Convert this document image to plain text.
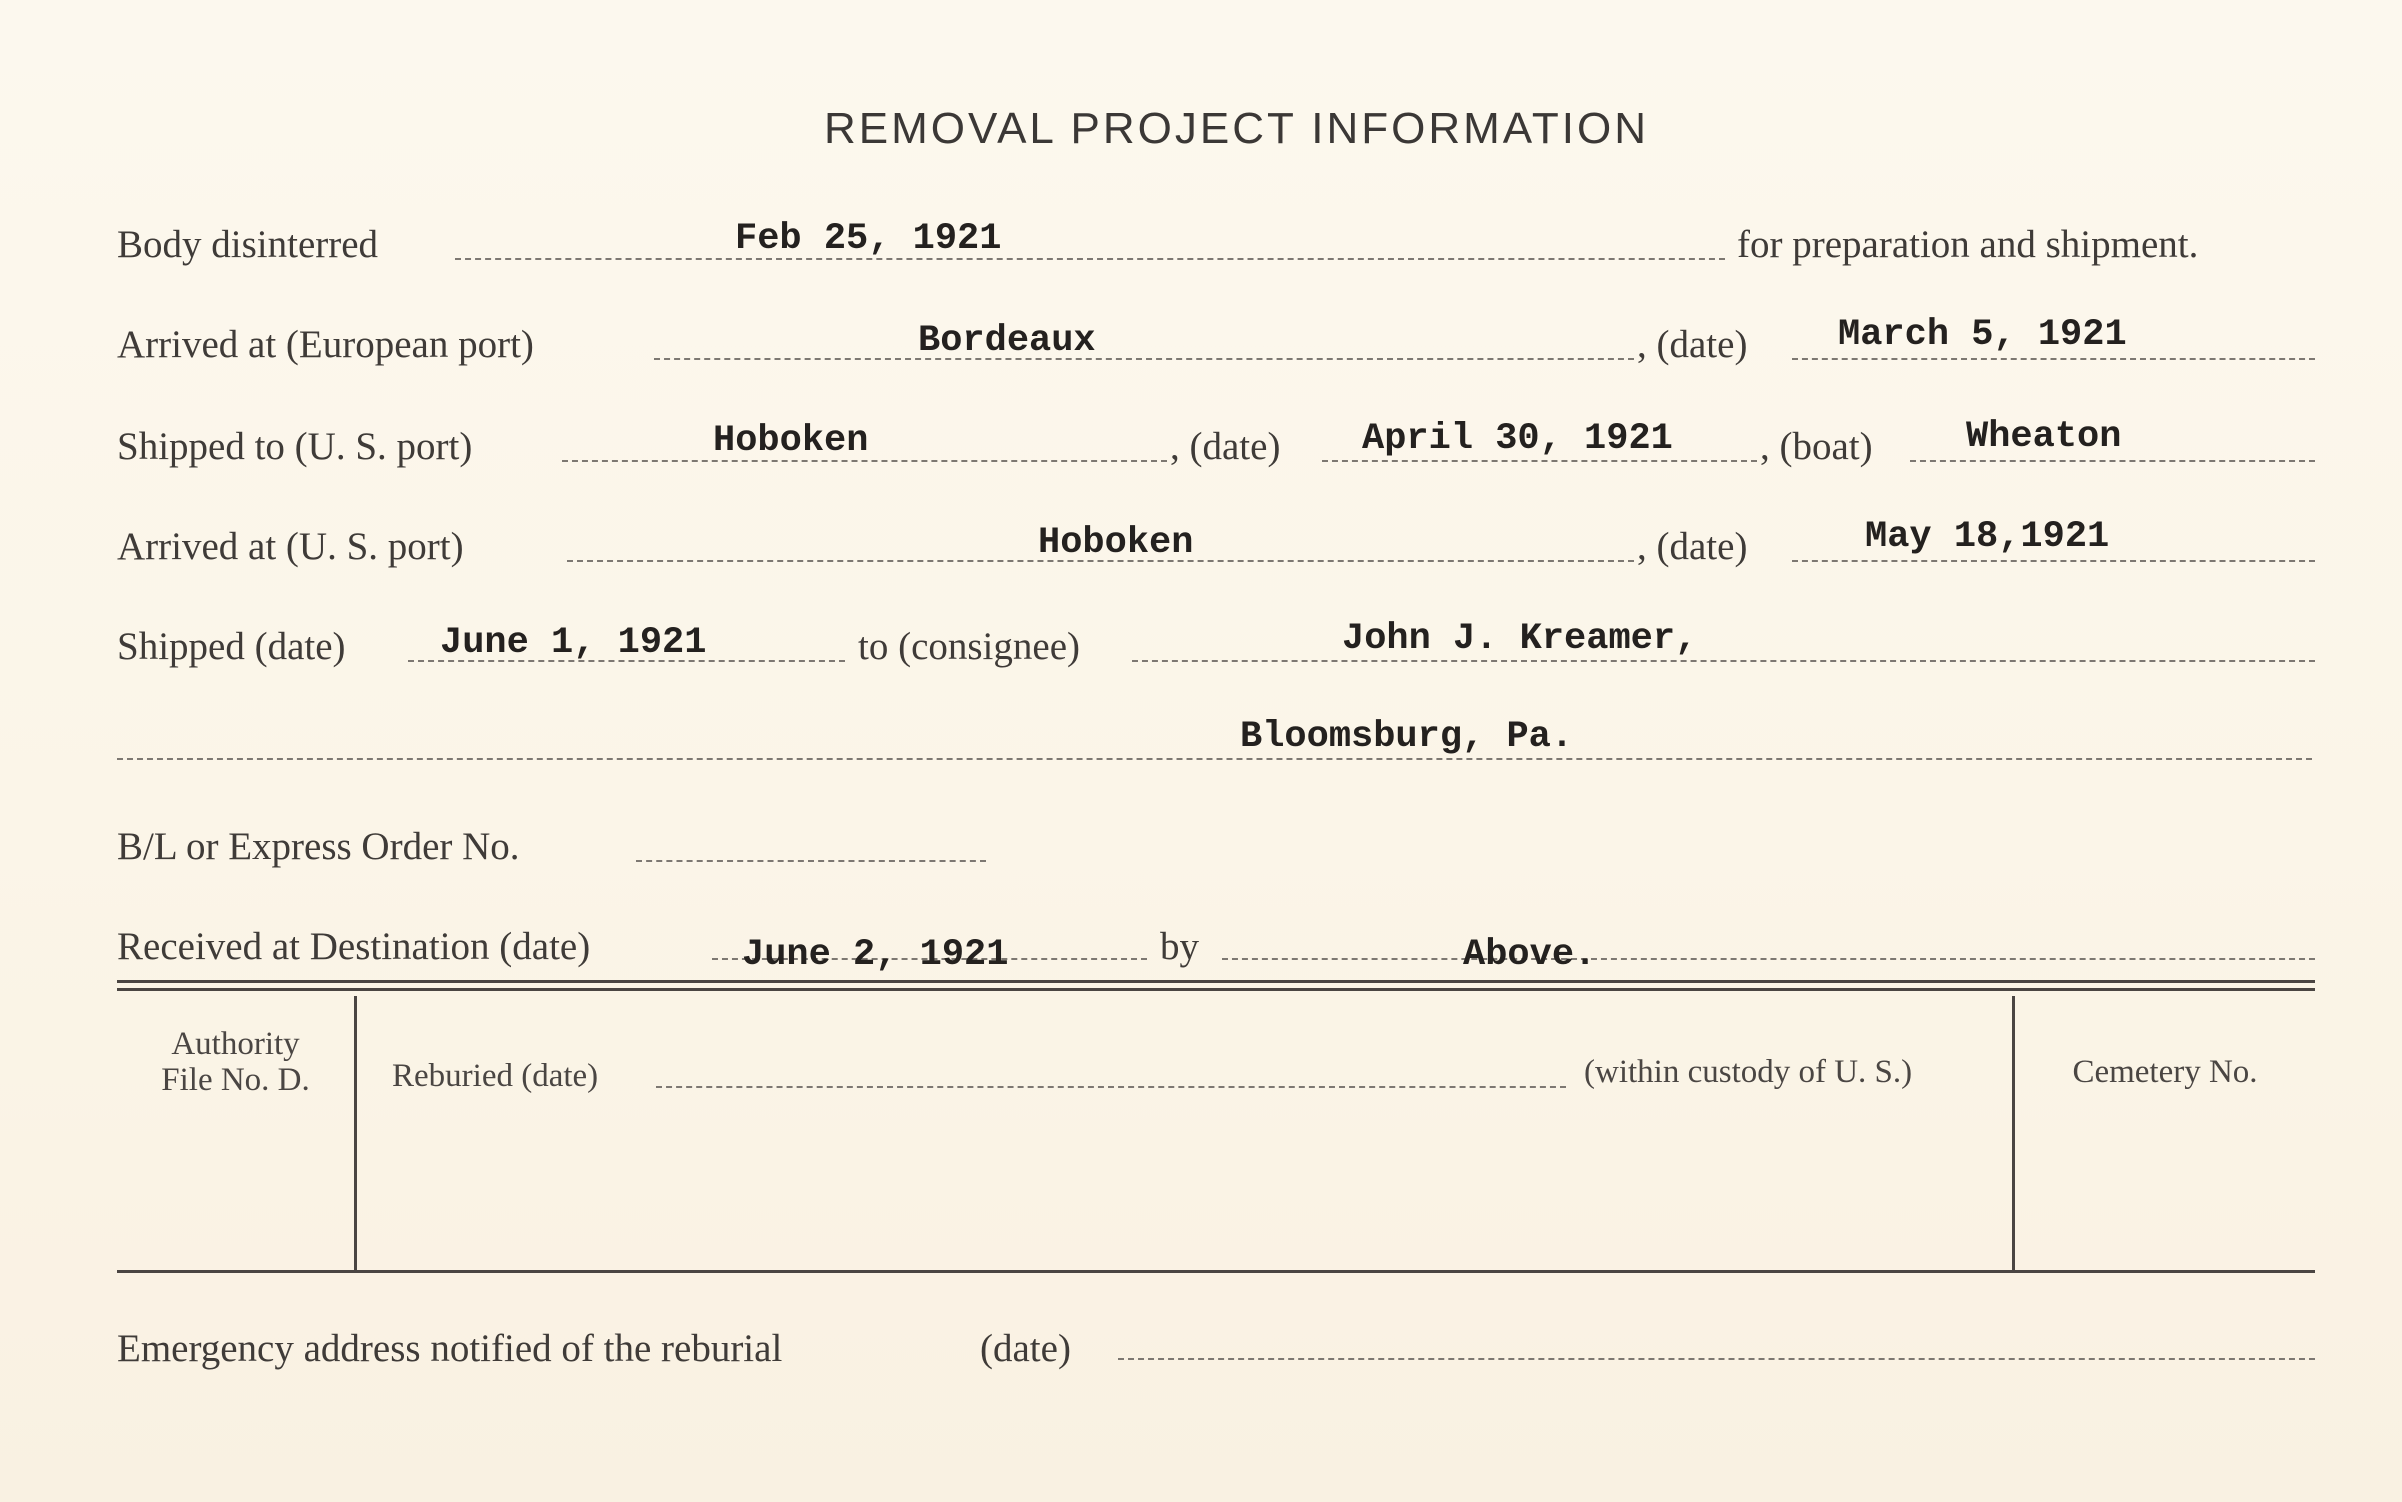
REMOVAL PROJECT INFORMATION
Body disinterred	Feb 25, 1921	for preparation and shipment.
Arrived at (European port)	Bordeaux	, (date) March 5, 1921
Shipped to (U. S. port)	Hoboken	, (date) April 30, 1921 , (boat)	Wheaton
Arrived at (U. S. port)	Hoboken	, (date)	May 18,1921
Shipped (date)	June 1, 1921	to (consignee)	John J. Kreamer,
Bloomsburg, Pa.
B/L or Express Order No.
Received at Destination (date)	June 2, 1921	by	Above.
Authority
File No. D.	Reburied (date)	(within custody of U. S.)	Cemetery No.
Emergency address notified of the reburial	(date)
